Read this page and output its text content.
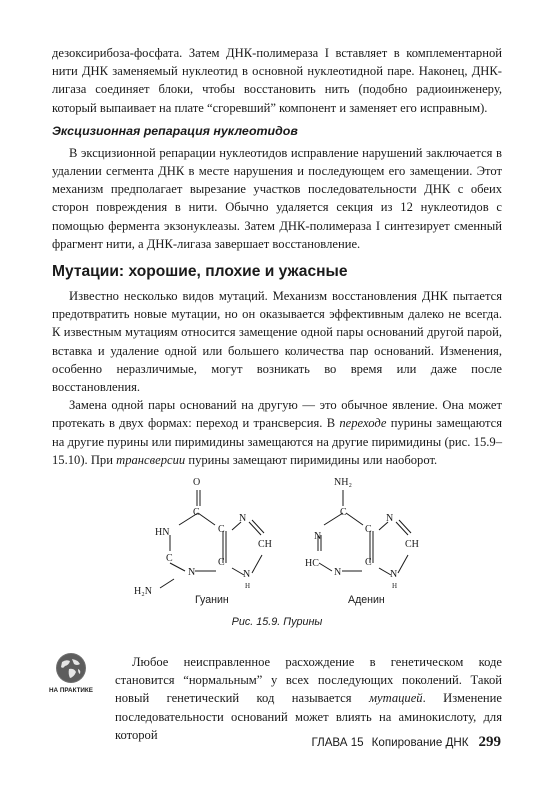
дезоксирибоза-фосфата. Затем ДНК-полимераза I вставляет в комплементарной нити ДНК заменяемый нуклеотид в основной нуклеотидной паре. Наконец, ДНК-лигаза соединяет блоки, чтобы восстановить нить (подобно радиоинженеру, который выпаивает на плате “сгоревший” компонент и заменяет его исправным).

Эксцизионная репарация нуклеотидов

В эксцизионной репарации нуклеотидов исправление нарушений заключается в удалении сегмента ДНК в месте нарушения и последующем его замещении. Этот механизм предполагает вырезание участков последовательности ДНК с обеих сторон повреждения в нити. Обычно удаляется секция из 12 нуклеотидов с помощью фермента экзонуклеазы. Затем ДНК-полимераза I синтезирует сменный фрагмент нити, а ДНК-лигаза завершает восстановление.

Мутации: хорошие, плохие и ужасные

Известно несколько видов мутаций. Механизм восстановления ДНК пытается предотвратить новые мутации, но он оказывается эффективным далеко не всегда. К известным мутациям относится замещение одной пары оснований другой парой, вставка и удаление одной или большего количества пар оснований. Изменения, особенно неразличимые, могут возникать во время или даже после восстановления.

Замена одной пары оснований на другую — это обычное явление. Она может протекать в двух формах: переход и трансверсия. В переходе пурины замещаются на другие пурины или пиримидины замещаются на другие пиримидины (рис. 15.9–15.10). При трансверсии пурины замещают пиримидины или наоборот.

O
C
HN	C
N
CH
C	C
N	N
H
H₂N
NH₂
C
N
C
N
CH
HC	C
N	N
H
Гуанин	Аденин
Рис. 15.9. Пурины
НА ПРАКТИКЕ

Любое неисправленное расхождение в генетическом коде становится “нормальным” у всех последующих поколений. Такой новый генетический код называется мутацией. Изменение последовательности оснований может влиять на аминокислоту, для которой

ГЛАВА 15 Копирование ДНК 299
